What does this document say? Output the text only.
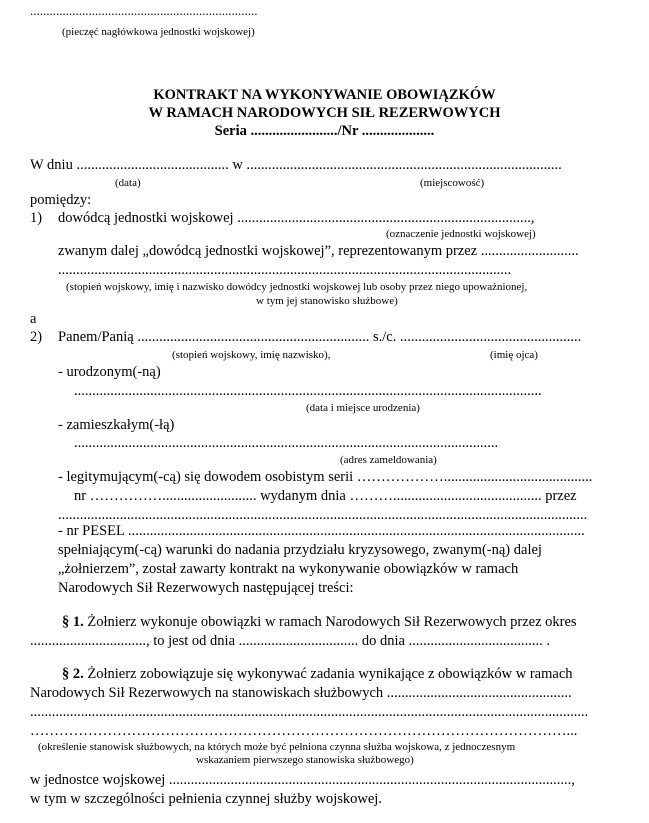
......................................................................
(pieczęć nagłówkowa jednostki wojskowej)
KONTRAKT NA WYKONYWANIE OBOWIĄZKÓW
W RAMACH NARODOWYCH SIŁ REZERWOWYCH
Seria ......................../Nr ....................
W dniu .......................................... w .......................................................................................
(data)	(miejscowość)
pomiędzy:
1) dowódcą jednostki wojskowej .................................................................................,
(oznaczenie jednostki wojskowej)
zwanym dalej „dowódcą jednostki wojskowej”, reprezentowanym przez ...........................
.............................................................................................................................
(stopień wojskowy, imię i nazwisko dowódcy jednostki wojskowej lub osoby przez niego upoważnionej,
w tym jej stanowisko służbowe)
a
2) Panem/Panią ................................................................ s./c. ..................................................
(stopień wojskowy, imię nazwisko),	(imię ojca)
- urodzonym(-ną)
.................................................................................................................................
(data i miejsce urodzenia)
- zamieszkałym(-łą)
.....................................................................................................................
(adres zameldowania)
- legitymującym(-cą) się dowodem osobistym serii ……………….........................................
nr …………….......................... wydanym dnia ………......................................... przez
..................................................................................................................................................
- nr PESEL ..............................................................................................................................
spełniającym(-cą) warunki do nadania przydziału kryzysowego, zwanym(-ną) dalej
„żołnierzem”, został zawarty kontrakt na wykonywanie obowiązków w ramach
Narodowych Sił Rezerwowych następującej treści:
§ 1. Żołnierz wykonuje obowiązki w ramach Narodowych Sił Rezerwowych przez okres
................................, to jest od dnia ................................. do dnia ..................................... .
§ 2. Żołnierz zobowiązuje się wykonywać zadania wynikające z obowiązków w ramach
Narodowych Sił Rezerwowych na stanowiskach służbowych ...................................................
..........................................................................................................................................................
…………………………………………………………………………………………………...
(określenie stanowisk służbowych, na których może być pełniona czynna służba wojskowa, z jednoczesnym
wskazaniem pierwszego stanowiska służbowego)
w jednostce wojskowej ...............................................................................................................,
w tym w szczególności pełnienia czynnej służby wojskowej.
